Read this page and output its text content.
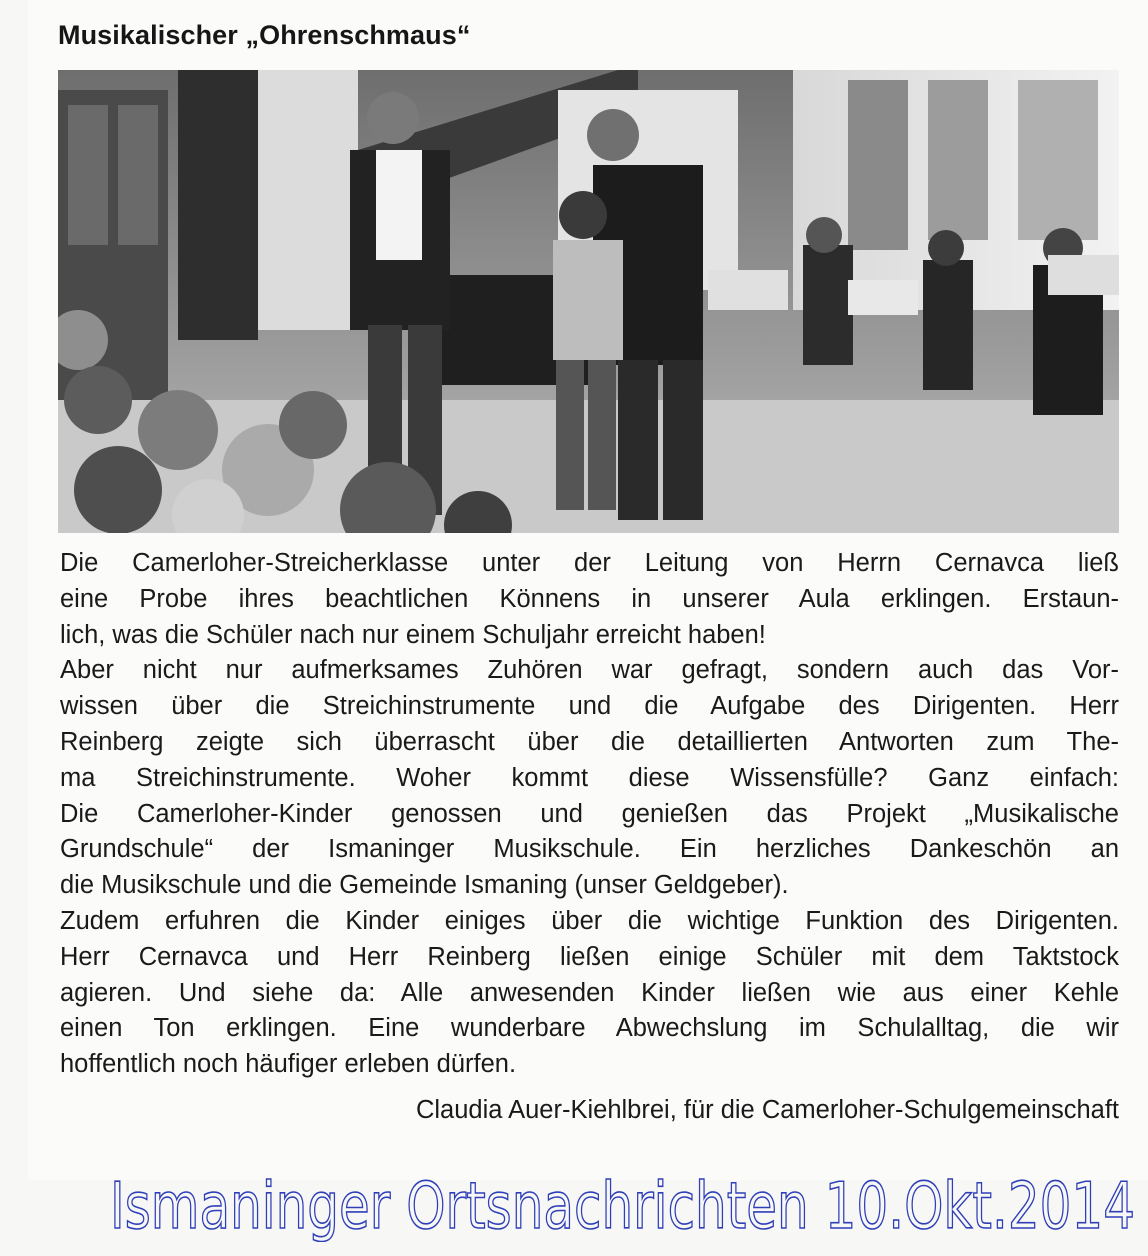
Musikalischer „Ohrenschmaus“
Die Camerloher-Streicherklasse unter der Leitung von Herrn Cernavca ließ
eine Probe ihres beachtlichen Könnens in unserer Aula erklingen. Erstaun-
lich, was die Schüler nach nur einem Schuljahr erreicht haben!
Aber nicht nur aufmerksames Zuhören war gefragt, sondern auch das Vor-
wissen über die Streichinstrumente und die Aufgabe des Dirigenten. Herr
Reinberg zeigte sich überrascht über die detaillierten Antworten zum The-
ma Streichinstrumente. Woher kommt diese Wissensfülle? Ganz einfach:
Die Camerloher-Kinder genossen und genießen das Projekt „Musikalische
Grundschule“ der Ismaninger Musikschule. Ein herzliches Dankeschön an
die Musikschule und die Gemeinde Ismaning (unser Geldgeber).
Zudem erfuhren die Kinder einiges über die wichtige Funktion des Dirigenten.
Herr Cernavca und Herr Reinberg ließen einige Schüler mit dem Taktstock
agieren. Und siehe da: Alle anwesenden Kinder ließen wie aus einer Kehle
einen Ton erklingen. Eine wunderbare Abwechslung im Schulalltag, die wir
hoffentlich noch häufiger erleben dürfen.
Claudia Auer-Kiehlbrei, für die Camerloher-Schulgemeinschaft
Ismaninger Ortsnachrichten 10.Okt.2014
